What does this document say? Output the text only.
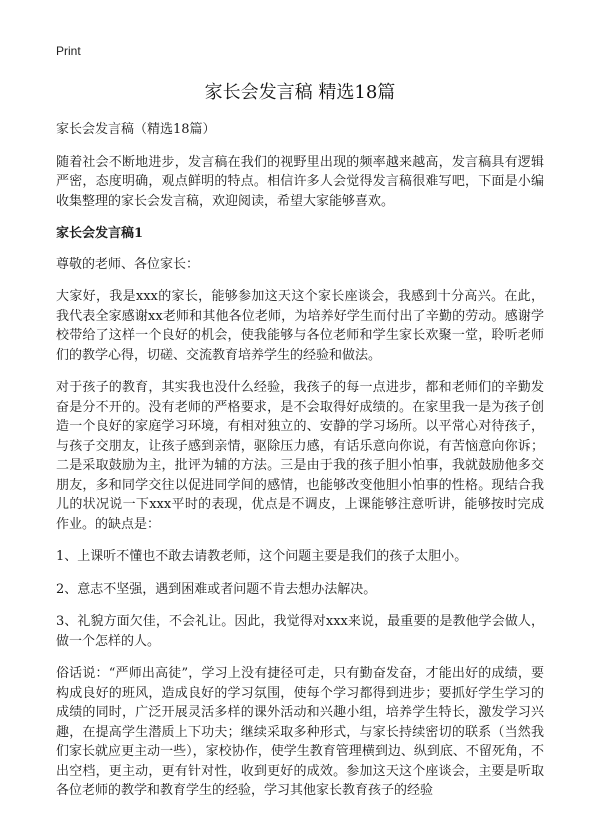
Print
家长会发言稿 精选18篇

家长会发言稿（精选18篇）

随着社会不断地进步，发言稿在我们的视野里出现的频率越来越高，发言稿具有逻辑严密，态度明确，观点鲜明的特点。相信许多人会觉得发言稿很难写吧，下面是小编收集整理的家长会发言稿，欢迎阅读，希望大家能够喜欢。

家长会发言稿1

尊敬的老师、各位家长：

大家好，我是xxx的家长，能够参加这天这个家长座谈会，我感到十分高兴。在此，我代表全家感谢xx老师和其他各位老师，为培养好学生而付出了辛勤的劳动。感谢学校带给了这样一个良好的机会，使我能够与各位老师和学生家长欢聚一堂，聆听老师们的教学心得，切磋、交流教育培养学生的经验和做法。

对于孩子的教育，其实我也没什么经验，我孩子的每一点进步，都和老师们的辛勤发奋是分不开的。没有老师的严格要求，是不会取得好成绩的。在家里我一是为孩子创造一个良好的家庭学习环境，有相对独立的、安静的学习场所。以平常心对待孩子，与孩子交朋友，让孩子感到亲情，驱除压力感，有话乐意向你说，有苦恼意向你诉；二是采取鼓励为主，批评为辅的方法。三是由于我的孩子胆小怕事，我就鼓励他多交朋友，多和同学交往以促进同学间的感情，也能够改变他胆小怕事的性格。现结合我儿的状况说一下xxx平时的表现，优点是不调皮，上课能够注意听讲，能够按时完成作业。的缺点是：

1、上课听不懂也不敢去请教老师，这个问题主要是我们的孩子太胆小。

2、意志不坚强，遇到困难或者问题不肯去想办法解决。

3、礼貌方面欠佳，不会礼让。因此，我觉得对xxx来说，最重要的是教他学会做人，做一个怎样的人。

俗话说：“严师出高徒”，学习上没有捷径可走，只有勤奋发奋，才能出好的成绩，要构成良好的班风，造成良好的学习氛围，使每个学习都得到进步；要抓好学生学习的成绩的同时，广泛开展灵活多样的课外活动和兴趣小组，培养学生特长，激发学习兴趣，在提高学生潜质上下功夫；继续采取多种形式，与家长持续密切的联系（当然我们家长就应更主动一些），家校协作，使学生教育管理横到边、纵到底、不留死角，不出空档，更主动，更有针对性，收到更好的成效。参加这天这个座谈会，主要是听取各位老师的教学和教育学生的经验，学习其他家长教育孩子的经验
